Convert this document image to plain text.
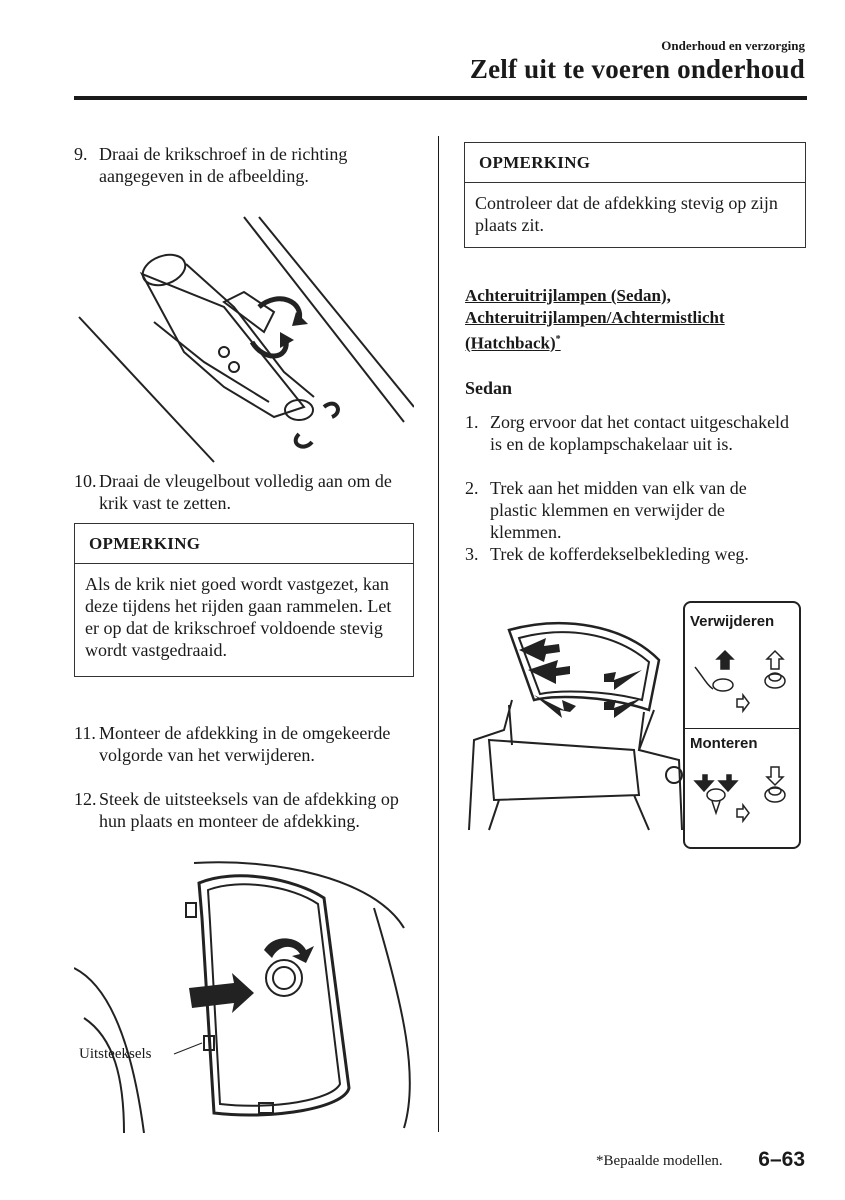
Onderhoud en verzorging
Zelf uit te voeren onderhoud
9. Draai de krikschroef in de richting aangegeven in de afbeelding.
10. Draai de vleugelbout volledig aan om de krik vast te zetten.
OPMERKING
Als de krik niet goed wordt vastgezet, kan deze tijdens het rijden gaan rammelen. Let er op dat de krikschroef voldoende stevig wordt vastgedraaid.
11. Monteer de afdekking in de omgekeerde volgorde van het verwijderen.
12. Steek de uitsteeksels van de afdekking op hun plaats en monteer de afdekking.
Uitsteeksels
OPMERKING
Controleer dat de afdekking stevig op zijn plaats zit.
Achteruitrijlampen (Sedan),
Achteruitrijlampen/Achtermistlicht
(Hatchback)*
Sedan
1. Zorg ervoor dat het contact uitgeschakeld is en de koplampschakelaar uit is.
2. Trek aan het midden van elk van de plastic klemmen en verwijder de klemmen.
3. Trek de kofferdekselbekleding weg.
Verwijderen
Monteren
*Bepaalde modellen. 6–63
